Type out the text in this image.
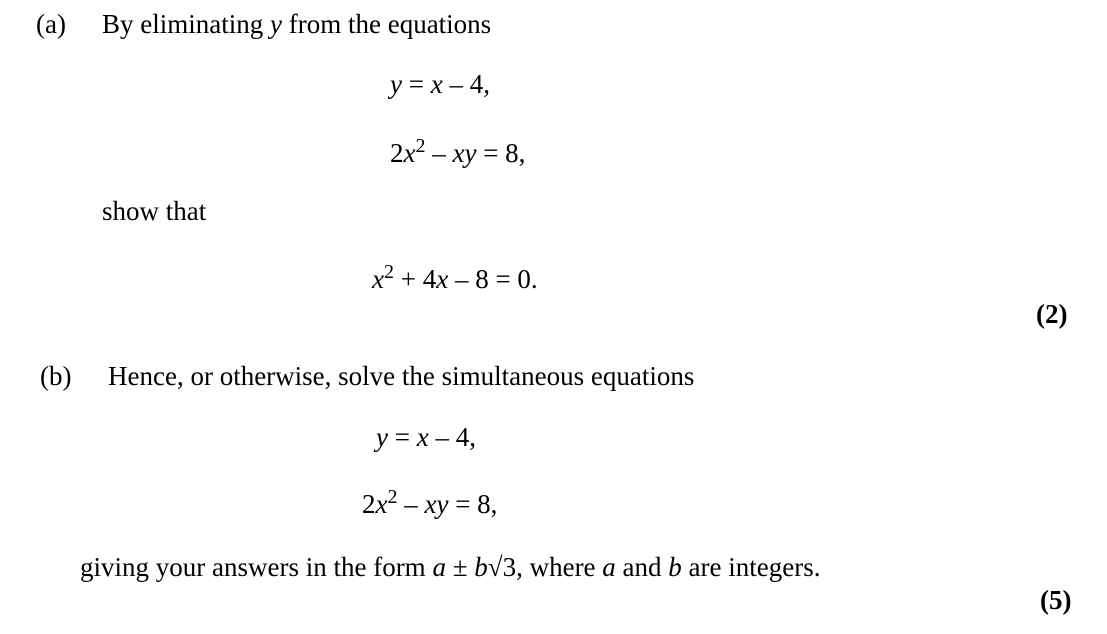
(a) By eliminating y from the equations
y = x – 4,
$2x^2$ – xy = 8,
show that
$x^2 + 4x - 8 = 0$.
(2)
(b) Hence, or otherwise, solve the simultaneous equations
y = x – 4,
$2x^2$ – xy = 8,
giving your answers in the form a ± b√3, where a and b are integers.
(5)
